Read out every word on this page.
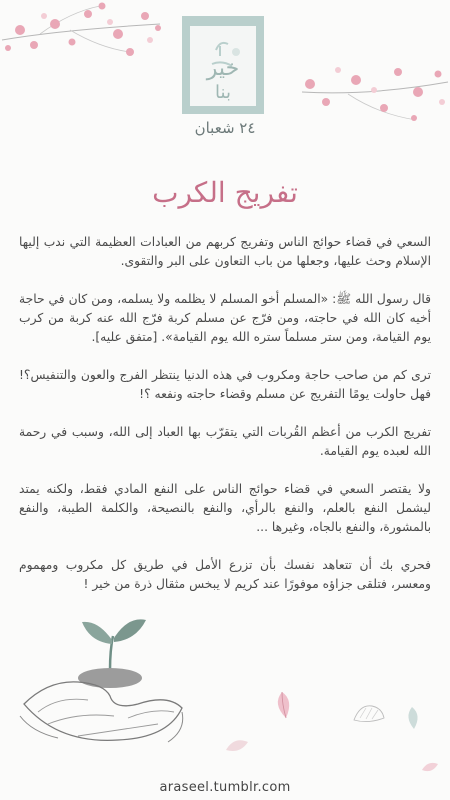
خير
بنا
٢٤ شعبان
تفريج الكرب

السعي في قضاء حوائج الناس وتفريج كربهم من العبادات العظيمة التي ندب إليها الإسلام وحث عليها، وجعلها من باب التعاون على البر والتقوى.

قال رسول الله ﷺ: «المسلم أخو المسلم لا يظلمه ولا يسلمه، ومن كان في حاجة أخيه كان الله في حاجته، ومن فرّج عن مسلم كربة فرّج الله عنه كربة من كرب يوم القيامة، ومن ستر مسلماً ستره الله يوم القيامة». [متفق عليه].

ترى كم من صاحب حاجة ومكروب في هذه الدنيا ينتظر الفرج والعون والتنفيس؟! فهل حاولت يومًا التفريج عن مسلم وقضاء حاجته ونفعه ؟!

تفريج الكرب من أعظم القُربات التي يتقرّب بها العباد إلى الله، وسبب في رحمة الله لعبده يوم القيامة.

ولا يقتصر السعي في قضاء حوائج الناس على النفع المادي فقط، ولكنه يمتد ليشمل النفع بالعلم، والنفع بالرأي، والنفع بالنصيحة، والكلمة الطيبة، والنفع بالمشورة، والنفع بالجاه، وغيرها ...

فحري بك أن تتعاهد نفسك بأن تزرع الأمل في طريق كل مكروب ومهموم ومعسر، فتلقى جزاؤه موفورًا عند كريم لا يبخس مثقال ذرة من خير !

araseel.tumblr.com
